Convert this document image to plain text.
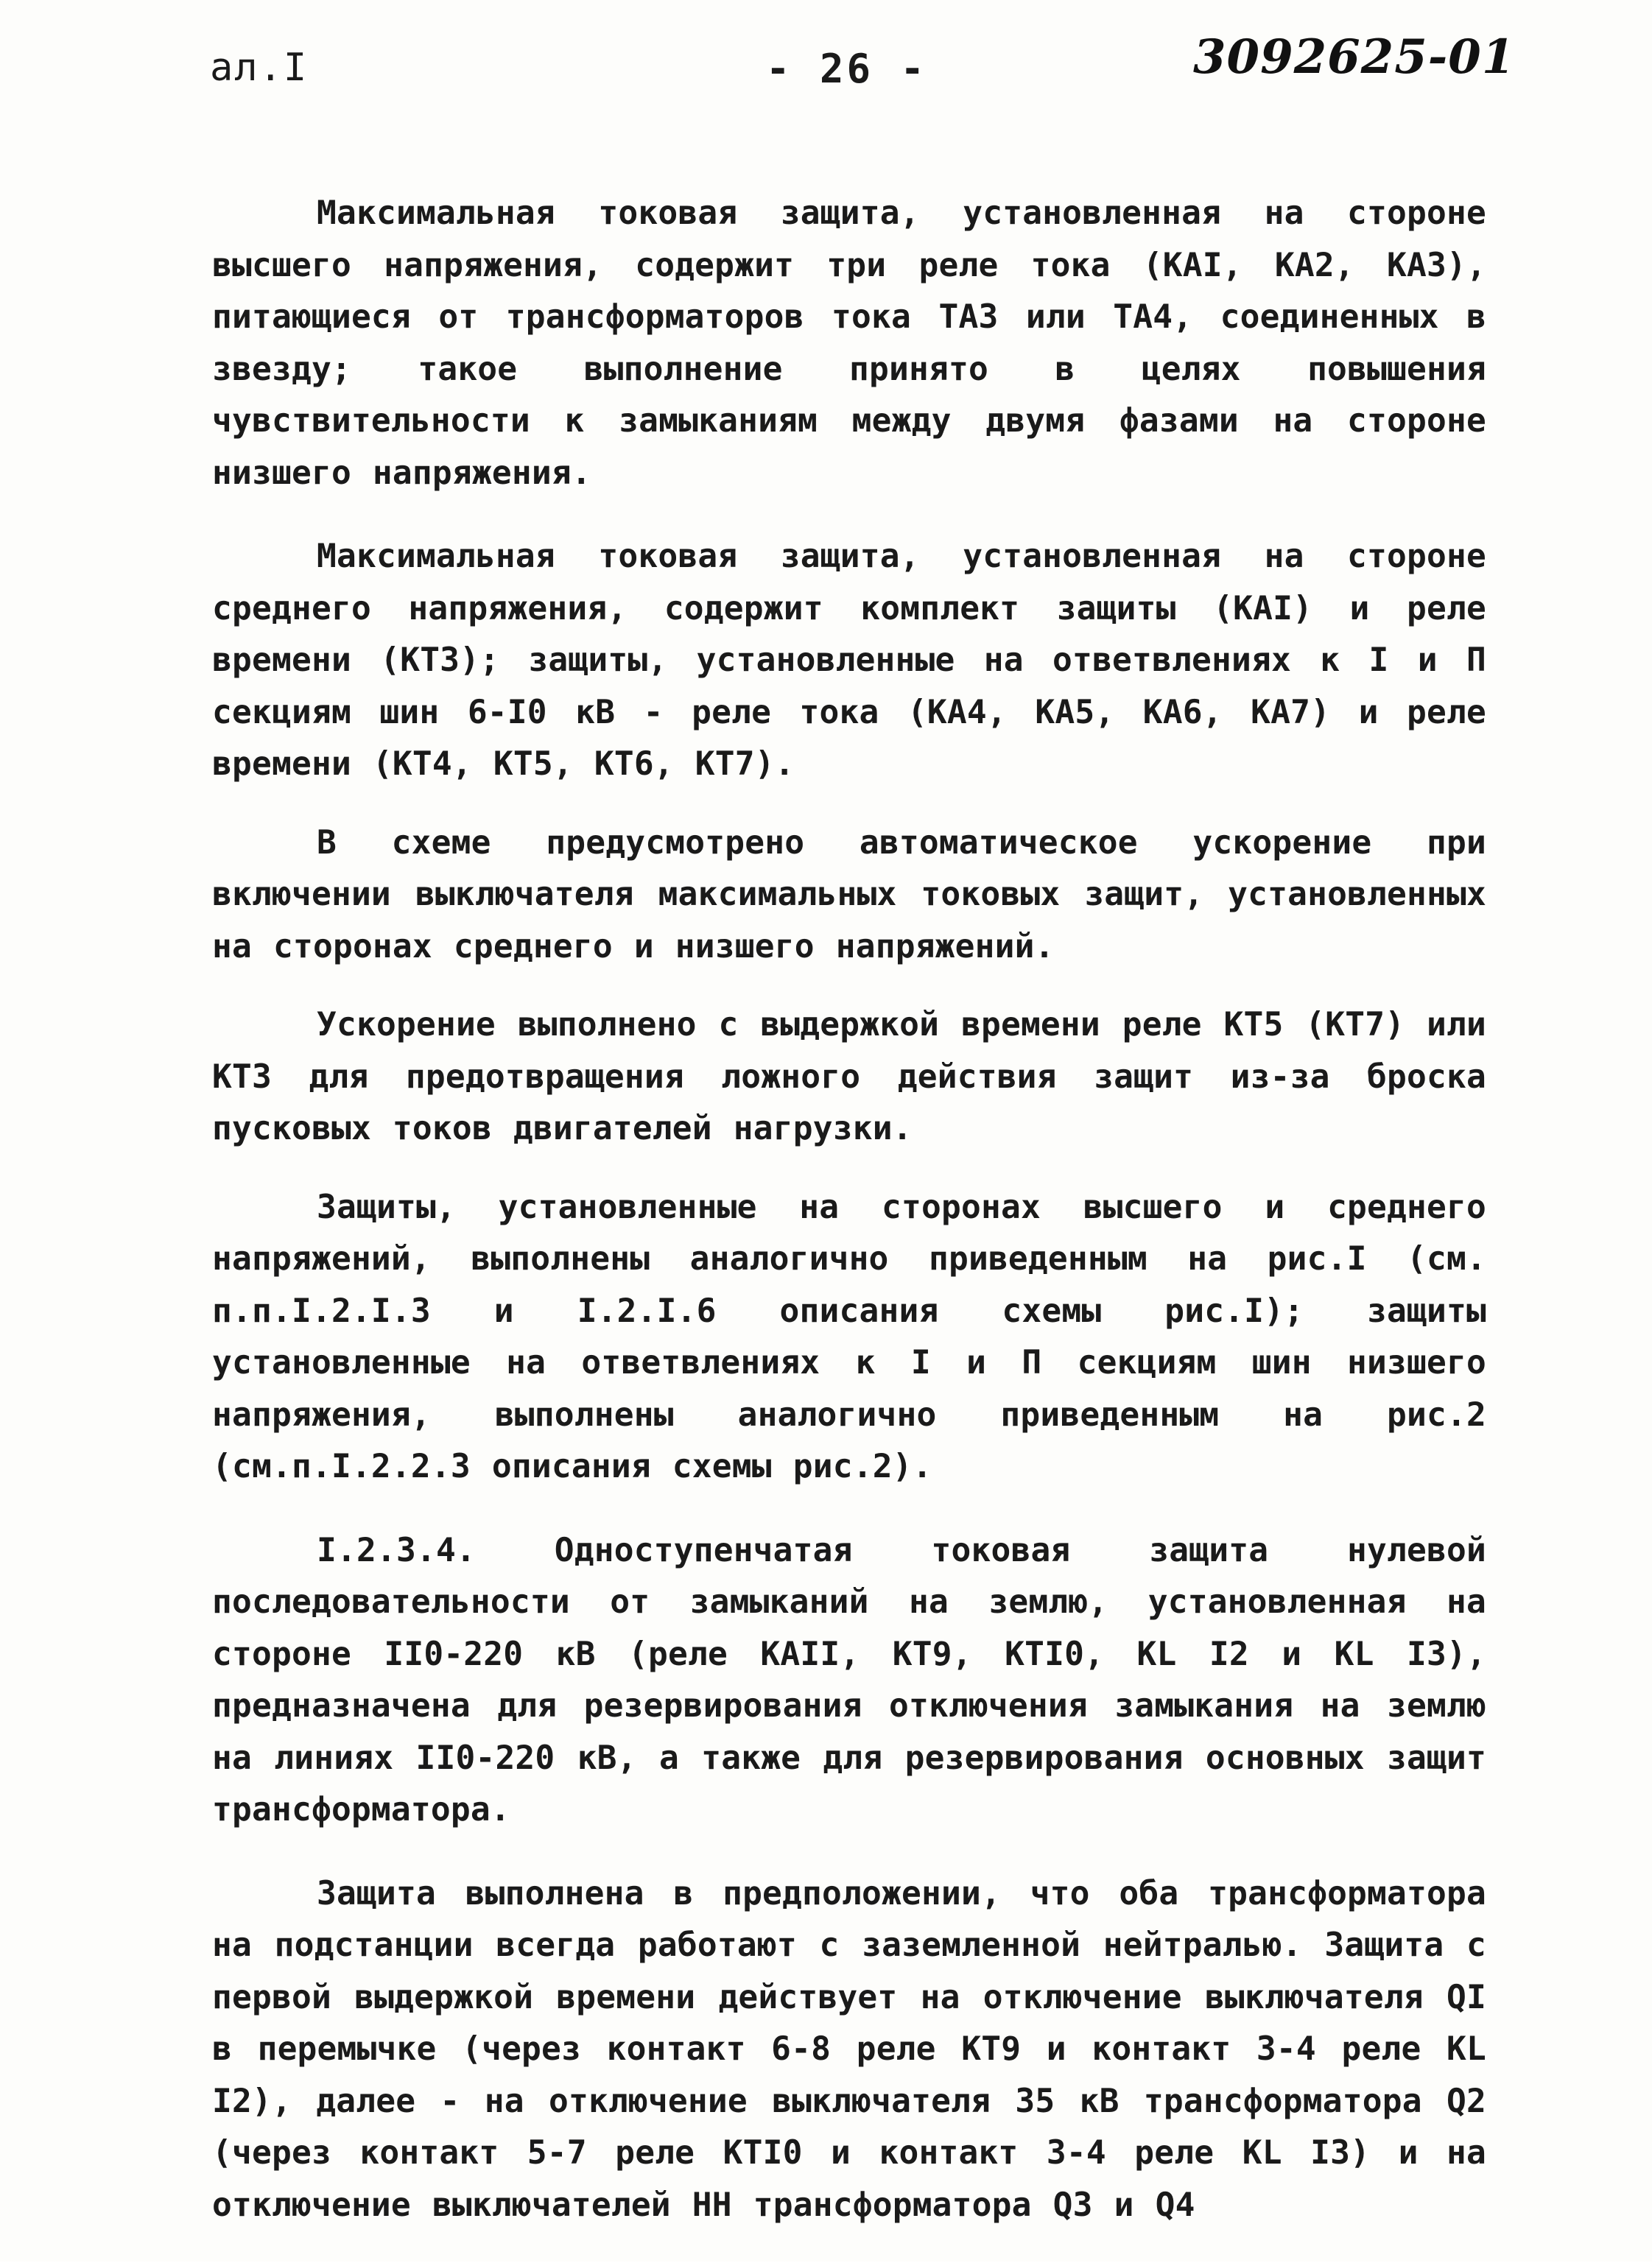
ал.I	- 26 -	3092625-01

Максимальная токовая защита, установленная на стороне высшего напряжения, содержит три реле тока (КАI, КА2, КА3), питающиеся от трансформаторов тока ТА3 или ТА4, соединенных в звезду; такое выполнение принято в целях повышения чувствительности к замыканиям между двумя фазами на стороне низшего напряжения.

Максимальная токовая защита, установленная на стороне среднего напряжения, содержит комплект защиты (КАI) и реле времени (КТ3); защиты, установленные на ответвлениях к I и П секциям шин 6-I0 кВ - реле тока (КА4, КА5, КА6, КА7) и реле времени (КТ4, КТ5, КТ6, КТ7).

В схеме предусмотрено автоматическое ускорение при включении выключателя максимальных токовых защит, установленных на сторонах среднего и низшего напряжений.

Ускорение выполнено с выдержкой времени реле КТ5 (КТ7) или КТ3 для предотвращения ложного действия защит из-за броска пусковых токов двигателей нагрузки.

Защиты, установленные на сторонах высшего и среднего напряжений, выполнены аналогично приведенным на рис.I (см. п.п.I.2.I.3 и I.2.I.6 описания схемы рис.I); защиты установленные на ответвлениях к I и П секциям шин низшего напряжения, выполнены аналогично приведенным на рис.2 (см.п.I.2.2.3 описания схемы рис.2).

I.2.3.4. Одноступенчатая токовая защита нулевой последовательности от замыканий на землю, установленная на стороне II0-220 кВ (реле КАII, КТ9, КТI0, KL I2 и KL I3), предназначена для резервирования отключения замыкания на землю на линиях II0-220 кВ, а также для резервирования основных защит трансформатора.

Защита выполнена в предположении, что оба трансформатора на подстанции всегда работают с заземленной нейтралью. Защита с первой выдержкой времени действует на отключение выключателя QI в перемычке (через контакт 6-8 реле КТ9 и контакт 3-4 реле KL I2), далее - на отключение выключателя 35 кВ трансформатора Q2 (через контакт 5-7 реле КТI0 и контакт 3-4 реле KL I3) и на отключение выключателей НН трансформатора Q3 и Q4
